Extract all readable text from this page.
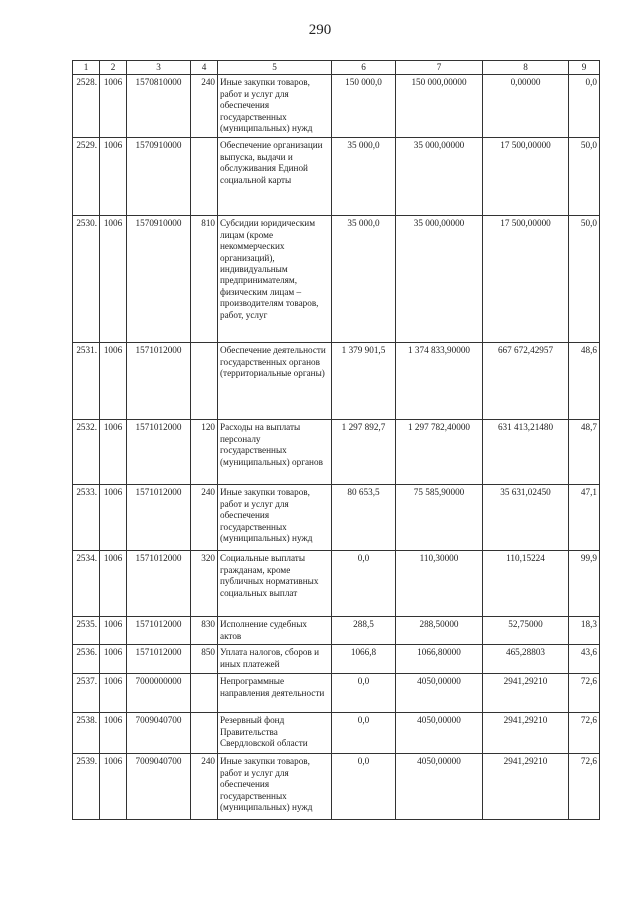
290
1	2	3	4	5	6	7	8	9
2528.	1006	1570810000	240	Иные закупки товаров, работ и услуг для обеспечения государственных (муниципальных) нужд	150 000,0	150 000,00000	0,00000	0,0
2529.	1006	1570910000		Обеспечение организации выпуска, выдачи и обслуживания Единой социальной карты	35 000,0	35 000,00000	17 500,00000	50,0
2530.	1006	1570910000	810	Субсидии юридическим лицам (кроме некоммерческих организаций), индивидуальным предпринимателям, физическим лицам – производителям товаров, работ, услуг	35 000,0	35 000,00000	17 500,00000	50,0
2531.	1006	1571012000		Обеспечение деятельности государственных органов (территориальные органы)	1 379 901,5	1 374 833,90000	667 672,42957	48,6
2532.	1006	1571012000	120	Расходы на выплаты персоналу государственных (муниципальных) органов	1 297 892,7	1 297 782,40000	631 413,21480	48,7
2533.	1006	1571012000	240	Иные закупки товаров, работ и услуг для обеспечения государственных (муниципальных) нужд	80 653,5	75 585,90000	35 631,02450	47,1
2534.	1006	1571012000	320	Социальные выплаты гражданам, кроме публичных нормативных социальных выплат	0,0	110,30000	110,15224	99,9
2535.	1006	1571012000	830	Исполнение судебных актов	288,5	288,50000	52,75000	18,3
2536.	1006	1571012000	850	Уплата налогов, сборов и иных платежей	1066,8	1066,80000	465,28803	43,6
2537.	1006	7000000000		Непрограммные направления деятельности	0,0	4050,00000	2941,29210	72,6
2538.	1006	7009040700		Резервный фонд Правительства Свердловской области	0,0	4050,00000	2941,29210	72,6
2539.	1006	7009040700	240	Иные закупки товаров, работ и услуг для обеспечения государственных (муниципальных) нужд	0,0	4050,00000	2941,29210	72,6
